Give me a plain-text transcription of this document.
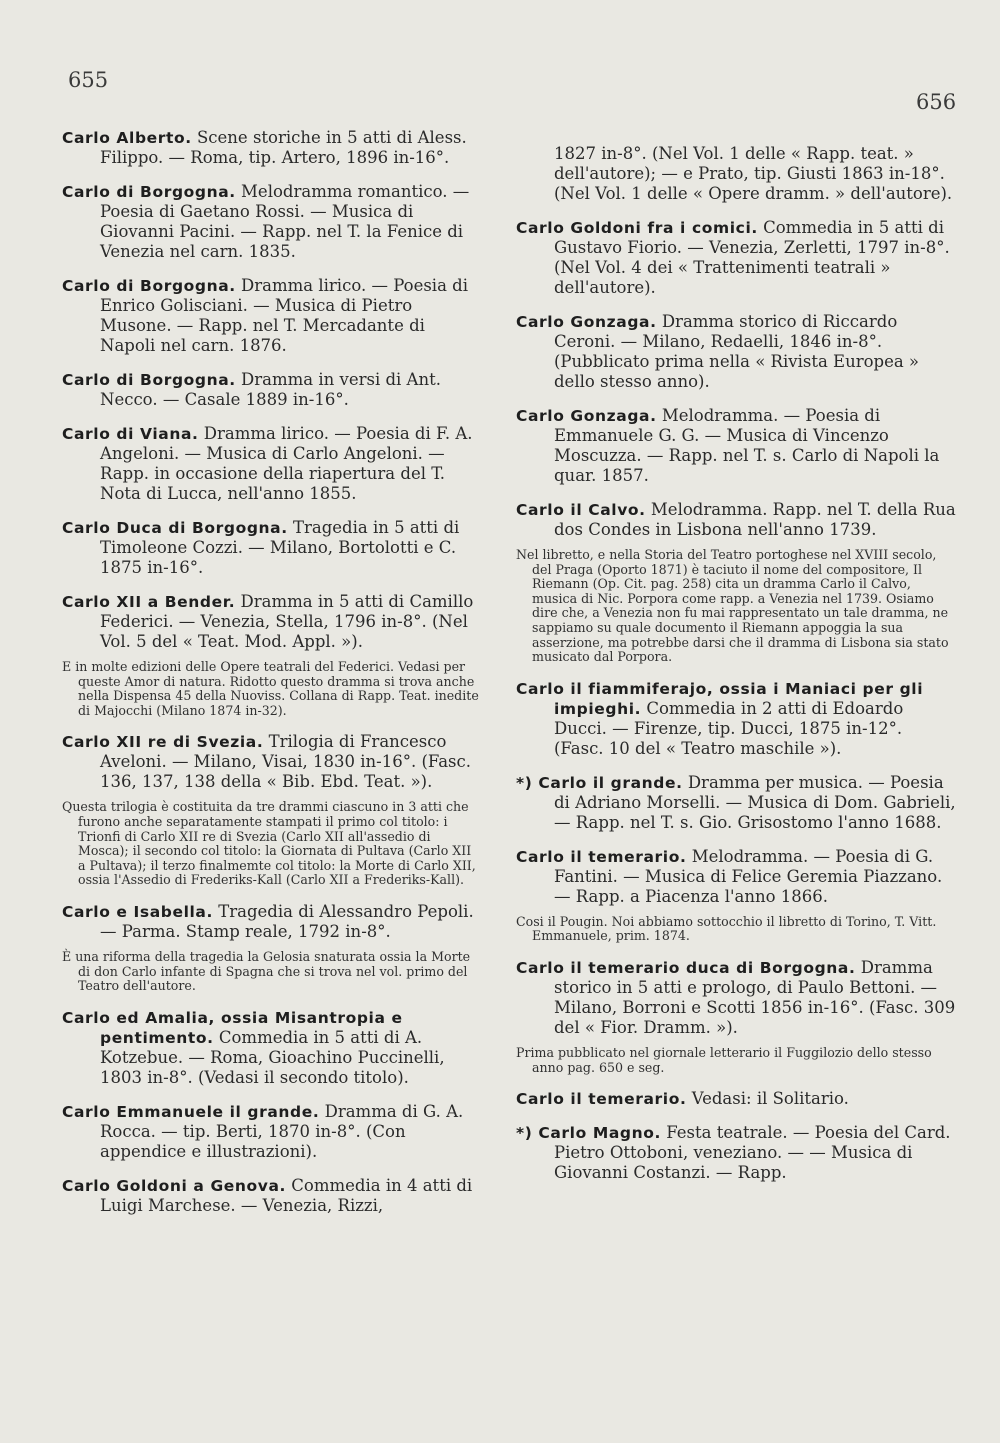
655
656
Carlo Alberto. Scene storiche in 5 atti di Aless. Filippo. — Roma, tip. Artero, 1896 in-16°.
Carlo di Borgogna. Melodramma romantico. — Poesia di Gaetano Rossi. — Musica di Giovanni Pacini. — Rapp. nel T. la Fenice di Venezia nel carn. 1835.
Carlo di Borgogna. Dramma lirico. — Poesia di Enrico Golisciani. — Musica di Pietro Musone. — Rapp. nel T. Mercadante di Napoli nel carn. 1876.
Carlo di Borgogna. Dramma in versi di Ant. Necco. — Casale 1889 in-16°.
Carlo di Viana. Dramma lirico. — Poesia di F. A. Angeloni. — Musica di Carlo Angeloni. — Rapp. in occasione della riapertura del T. Nota di Lucca, nell'anno 1855.
Carlo Duca di Borgogna. Tragedia in 5 atti di Timoleone Cozzi. — Milano, Bortolotti e C. 1875 in-16°.
Carlo XII a Bender. Dramma in 5 atti di Camillo Federici. — Venezia, Stella, 1796 in-8°. (Nel Vol. 5 del « Teat. Mod. Appl. »).
E in molte edizioni delle Opere teatrali del Federici. Vedasi per queste Amor di natura. Ridotto questo dramma si trova anche nella Dispensa 45 della Nuoviss. Collana di Rapp. Teat. inedite di Majocchi (Milano 1874 in-32).
Carlo XII re di Svezia. Trilogia di Francesco Aveloni. — Milano, Visai, 1830 in-16°. (Fasc. 136, 137, 138 della « Bib. Ebd. Teat. »).
Questa trilogia è costituita da tre drammi ciascuno in 3 atti che furono anche separatamente stampati il primo col titolo: i Trionfi di Carlo XII re di Svezia (Carlo XII all'assedio di Mosca); il secondo col titolo: la Giornata di Pultava (Carlo XII a Pultava); il terzo finalmemte col titolo: la Morte di Carlo XII, ossia l'Assedio di Frederiks-Kall (Carlo XII a Frederiks-Kall).
Carlo e Isabella. Tragedia di Alessandro Pepoli. — Parma. Stamp reale, 1792 in-8°.
È una riforma della tragedia la Gelosia snaturata ossia la Morte di don Carlo infante di Spagna che si trova nel vol. primo del Teatro dell'autore.
Carlo ed Amalia, ossia Misantropia e pentimento. Commedia in 5 atti di A. Kotzebue. — Roma, Gioachino Puccinelli, 1803 in-8°. (Vedasi il secondo titolo).
Carlo Emmanuele il grande. Dramma di G. A. Rocca. — tip. Berti, 1870 in-8°. (Con appendice e illustrazioni).
Carlo Goldoni a Genova. Commedia in 4 atti di Luigi Marchese. — Venezia, Rizzi,
1827 in-8°. (Nel Vol. 1 delle « Rapp. teat. » dell'autore); — e Prato, tip. Giusti 1863 in-18°. (Nel Vol. 1 delle « Opere dramm. » dell'autore).
Carlo Goldoni fra i comici. Commedia in 5 atti di Gustavo Fiorio. — Venezia, Zerletti, 1797 in-8°. (Nel Vol. 4 dei « Trattenimenti teatrali » dell'autore).
Carlo Gonzaga. Dramma storico di Riccardo Ceroni. — Milano, Redaelli, 1846 in-8°. (Pubblicato prima nella « Rivista Europea » dello stesso anno).
Carlo Gonzaga. Melodramma. — Poesia di Emmanuele G. G. — Musica di Vincenzo Moscuzza. — Rapp. nel T. s. Carlo di Napoli la quar. 1857.
Carlo il Calvo. Melodramma. Rapp. nel T. della Rua dos Condes in Lisbona nell'anno 1739.
Nel libretto, e nella Storia del Teatro portoghese nel XVIII secolo, del Praga (Oporto 1871) è taciuto il nome del compositore, Il Riemann (Op. Cit. pag. 258) cita un dramma Carlo il Calvo, musica di Nic. Porpora come rapp. a Venezia nel 1739. Osiamo dire che, a Venezia non fu mai rappresentato un tale dramma, ne sappiamo su quale documento il Riemann appoggia la sua asserzione, ma potrebbe darsi che il dramma di Lisbona sia stato musicato dal Porpora.
Carlo il fiammiferajo, ossia i Maniaci per gli impieghi. Commedia in 2 atti di Edoardo Ducci. — Firenze, tip. Ducci, 1875 in-12°. (Fasc. 10 del « Teatro maschile »).
*) Carlo il grande. Dramma per musica. — Poesia di Adriano Morselli. — Musica di Dom. Gabrieli, — Rapp. nel T. s. Gio. Grisostomo l'anno 1688.
Carlo il temerario. Melodramma. — Poesia di G. Fantini. — Musica di Felice Geremia Piazzano. — Rapp. a Piacenza l'anno 1866.
Cosi il Pougin. Noi abbiamo sottocchio il libretto di Torino, T. Vitt. Emmanuele, prim. 1874.
Carlo il temerario duca di Borgogna. Dramma storico in 5 atti e prologo, di Paulo Bettoni. — Milano, Borroni e Scotti 1856 in-16°. (Fasc. 309 del « Fior. Dramm. »).
Prima pubblicato nel giornale letterario il Fuggilozio dello stesso anno pag. 650 e seg.
Carlo il temerario. Vedasi: il Solitario.
*) Carlo Magno. Festa teatrale. — Poesia del Card. Pietro Ottoboni, veneziano. — — Musica di Giovanni Costanzi. — Rapp.
